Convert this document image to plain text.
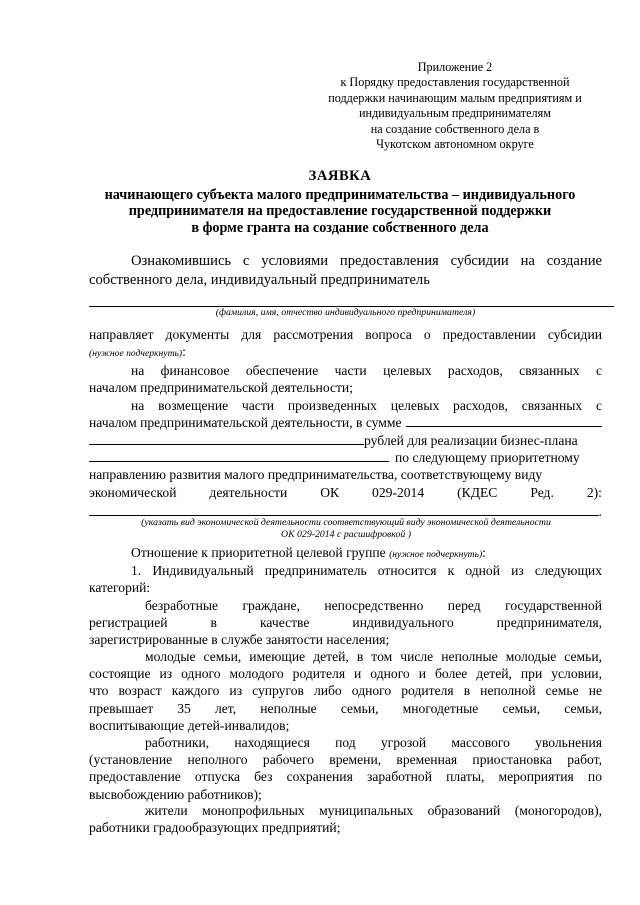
Приложение 2
к Порядку предоставления государственной
поддержки начинающим малым предприятиям и
индивидуальным предпринимателям
на создание собственного дела в
Чукотском автономном округе
ЗАЯВКА
начинающего субъекта малого предпринимательства – индивидуального
предпринимателя на предоставление государственной поддержки
в форме гранта на создание собственного дела
Ознакомившись с условиями предоставления субсидии на создание
собственного дела, индивидуальный предприниматель
(фамилия, имя, отчество индивидуального предпринимателя)
направляет документы для рассмотрения вопроса о предоставлении субсидии
(нужное подчеркнуть):
на финансовое обеспечение части целевых расходов, связанных с
началом предпринимательской деятельности;
на возмещение части произведенных целевых расходов, связанных с
началом предпринимательской деятельности, в сумме
рублей для реализации бизнес-плана
по следующему приоритетному
направлению развития малого предпринимательства, соответствующему виду
экономической деятельности ОК 029-2014 (КДЕС Ред. 2):
.
(указать вид экономической деятельности соответствующий виду экономической деятельности
ОК 029-2014 с расшифровкой )
Отношение к приоритетной целевой группе (нужное подчеркнуть):
1. Индивидуальный предприниматель относится к одной из следующих
категорий:
безработные граждане, непосредственно перед государственной
регистрацией в качестве индивидуального предпринимателя,
зарегистрированные в службе занятости населения;
молодые семьи, имеющие детей, в том числе неполные молодые семьи,
состоящие из одного молодого родителя и одного и более детей, при условии,
что возраст каждого из супругов либо одного родителя в неполной семье не
превышает 35 лет, неполные семьи, многодетные семьи, семьи,
воспитывающие детей-инвалидов;
работники, находящиеся под угрозой массового увольнения
(установление неполного рабочего времени, временная приостановка работ,
предоставление отпуска без сохранения заработной платы, мероприятия по
высвобождению работников);
жители монопрофильных муниципальных образований (моногородов),
работники градообразующих предприятий;
